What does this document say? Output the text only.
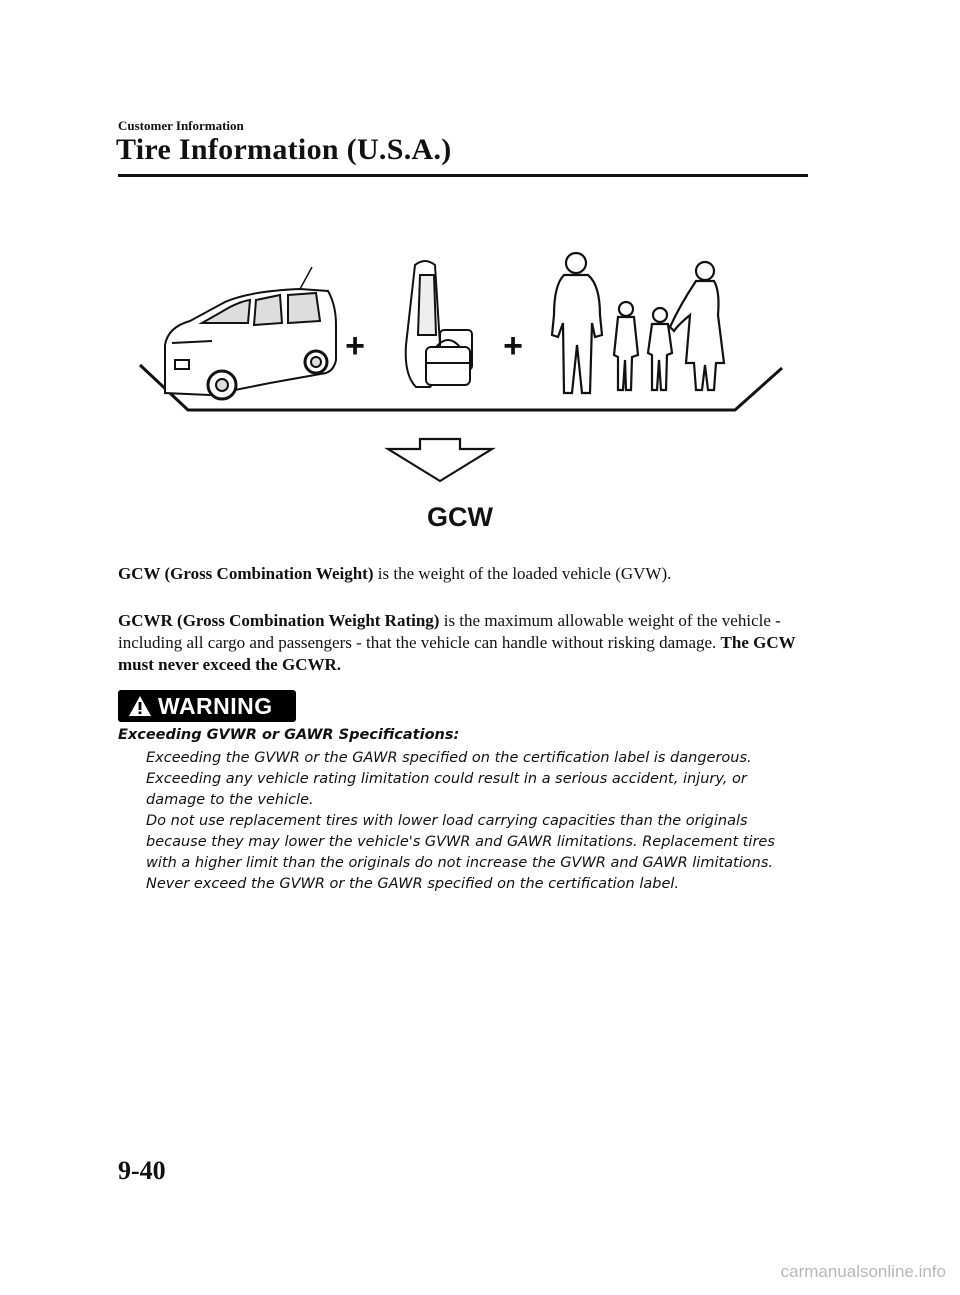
Customer Information
Tire Information (U.S.A.)
+	+
GCW
GCW (Gross Combination Weight) is the weight of the loaded vehicle (GVW).
GCWR (Gross Combination Weight Rating) is the maximum allowable weight of the vehicle - including all cargo and passengers - that the vehicle can handle without risking damage. The GCW must never exceed the GCWR.
WARNING
Exceeding GVWR or GAWR Specifications:

Exceeding the GVWR or the GAWR specified on the certification label is dangerous. Exceeding any vehicle rating limitation could result in a serious accident, injury, or damage to the vehicle.

Do not use replacement tires with lower load carrying capacities than the originals because they may lower the vehicle's GVWR and GAWR limitations. Replacement tires with a higher limit than the originals do not increase the GVWR and GAWR limitations.

Never exceed the GVWR or the GAWR specified on the certification label.

9-40
carmanualsonline.info
